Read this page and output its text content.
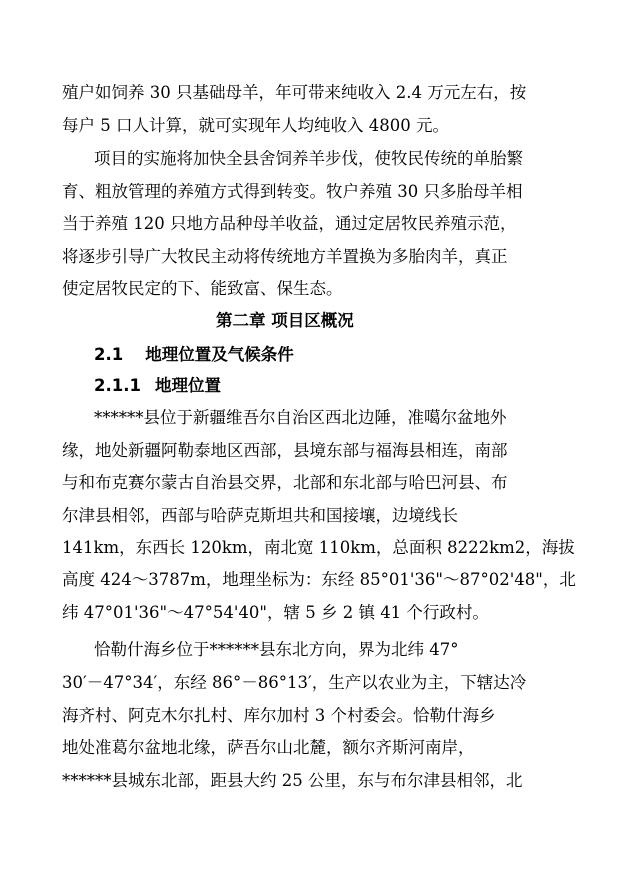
殖户如饲养 30 只基础母羊，年可带来纯收入 2.4 万元左右，按
每户 5 口人计算，就可实现年人均纯收入 4800 元。
项目的实施将加快全县舍饲养羊步伐，使牧民传统的单胎繁
育、粗放管理的养殖方式得到转变。牧户养殖 30 只多胎母羊相
当于养殖 120 只地方品种母羊收益，通过定居牧民养殖示范，
将逐步引导广大牧民主动将传统地方羊置换为多胎肉羊，真正
使定居牧民定的下、能致富、保生态。
第二章 项目区概况
2.1 地理位置及气候条件
2.1.1 地理位置
******县位于新疆维吾尔自治区西北边陲，准噶尔盆地外
缘，地处新疆阿勒泰地区西部，县境东部与福海县相连，南部
与和布克赛尔蒙古自治县交界，北部和东北部与哈巴河县、布
尔津县相邻，西部与哈萨克斯坦共和国接壤，边境线长
141km，东西长 120km，南北宽 110km，总面积 8222km2，海拔
高度 424～3787m，地理坐标为：东经 85°01'36"～87°02'48"，北
纬 47°01'36"～47°54'40"，辖 5 乡 2 镇 41 个行政村。
恰勒什海乡位于******县东北方向，界为北纬 47°
30′－47°34′，东经 86°－86°13′，生产以农业为主，下辖达冷
海齐村、阿克木尔扎村、库尔加村 3 个村委会。恰勒什海乡
地处准葛尔盆地北缘，萨吾尔山北麓，额尔齐斯河南岸，
******县城东北部，距县大约 25 公里，东与布尔津县相邻，北
